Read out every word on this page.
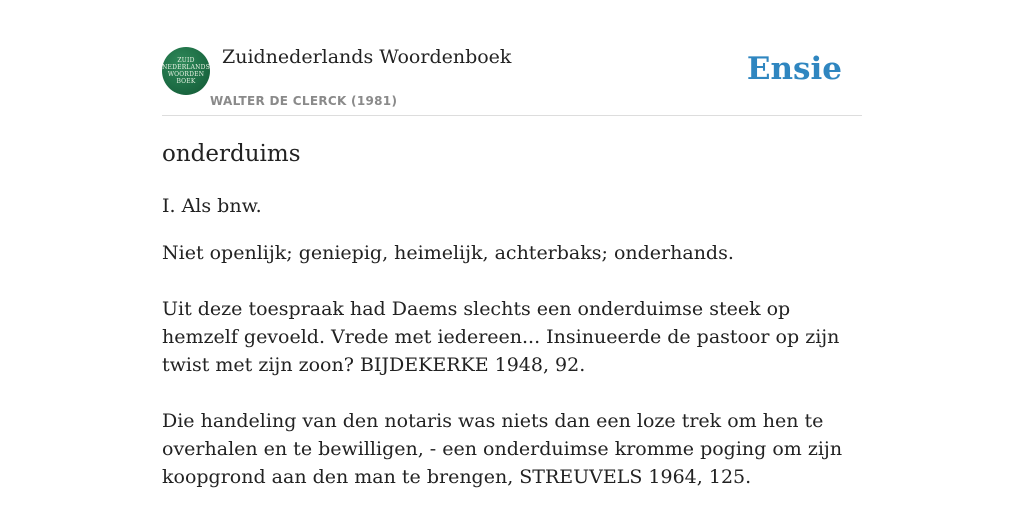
ZUID
NEDERLANDS
WOORDEN
BOEK
Zuidnederlands Woordenboek
WALTER DE CLERCK (1981)
Ensie
onderduims

I. Als bnw.

Niet openlijk; geniepig, heimelijk, achterbaks; onderhands.

Uit deze toespraak had Daems slechts een onderduimse steek op hemzelf gevoeld. Vrede met iedereen... Insinueerde de pastoor op zijn twist met zijn zoon? BIJDEKERKE 1948, 92.

Die handeling van den notaris was niets dan een loze trek om hen te overhalen en te bewilligen, - een onderduimse kromme poging om zijn koopgrond aan den man te brengen, STREUVELS 1964, 125.
